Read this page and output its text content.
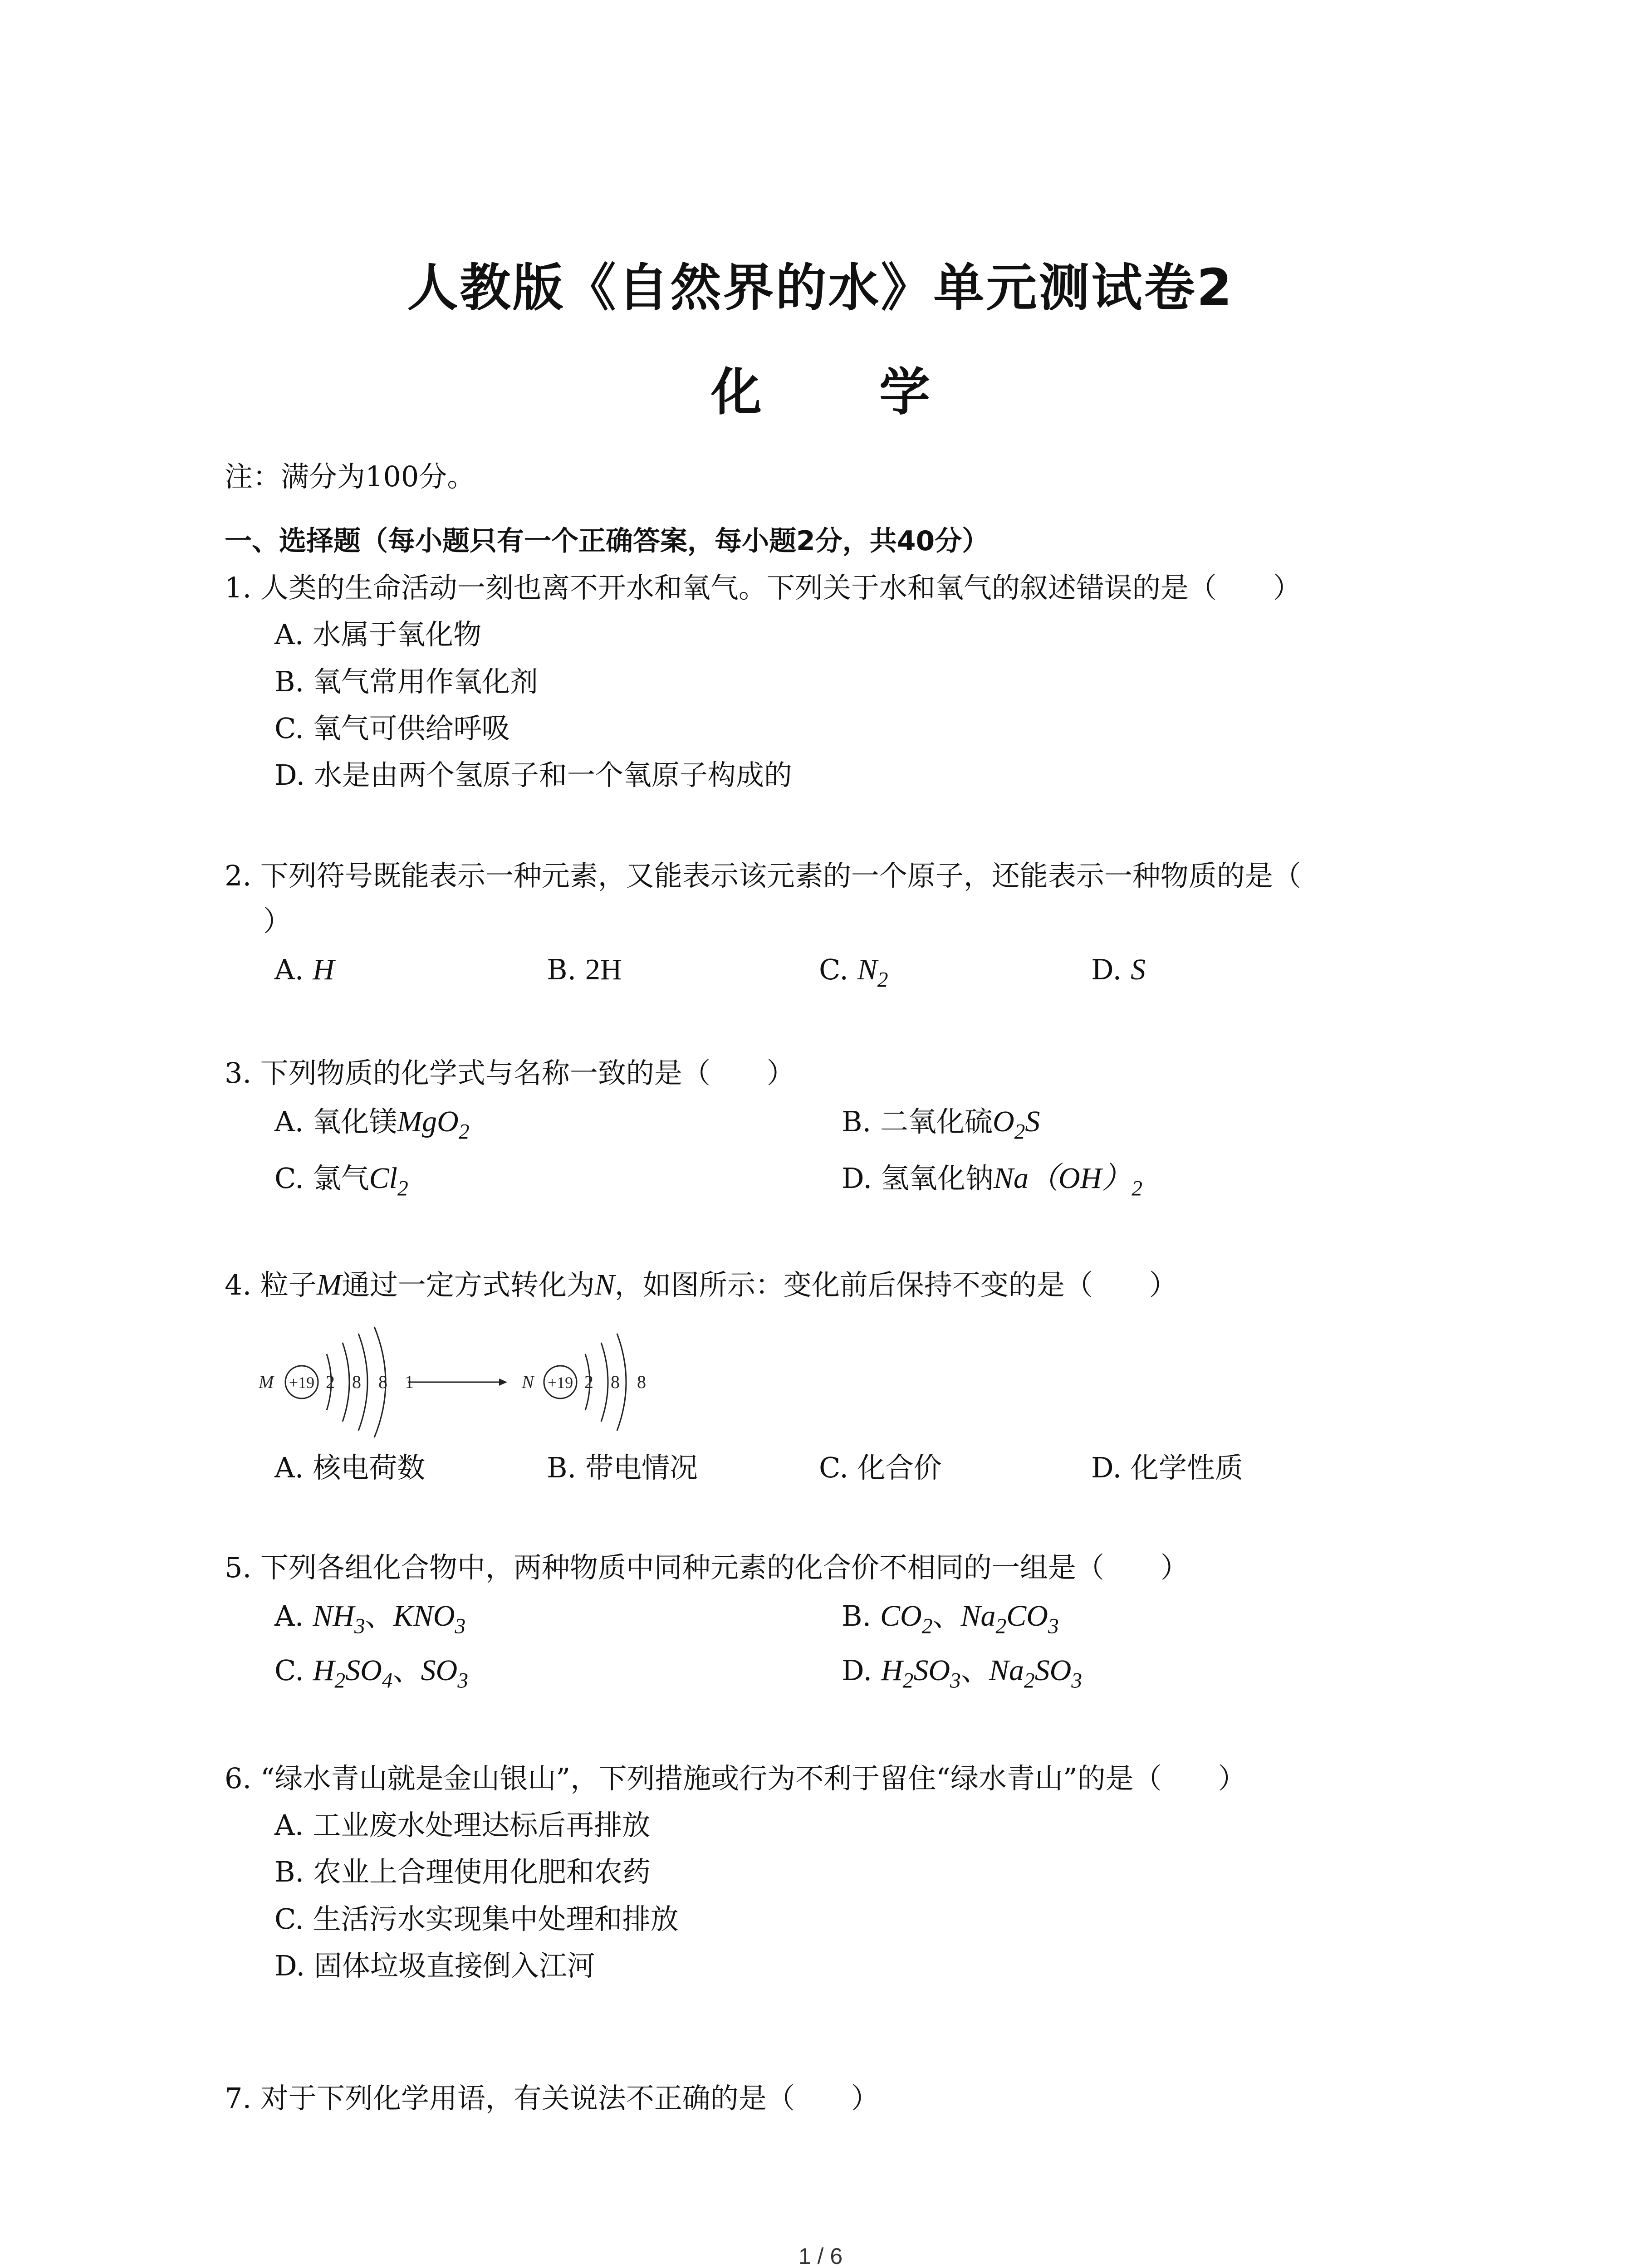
人教版《自然界的水》单元测试卷2
化 学
注：满分为100分。
一、选择题（每小题只有一个正确答案，每小题2分，共40分）
1. 人类的生命活动一刻也离不开水和氧气。下列关于水和氧气的叙述错误的是（　　）
A. 水属于氧化物
B. 氧气常用作氧化剂
C. 氧气可供给呼吸
D. 水是由两个氢原子和一个氧原子构成的
2. 下列符号既能表示一种元素，又能表示该元素的一个原子，还能表示一种物质的是（
）
A. H	B. 2H	C. $N_2$	D. S
3. 下列物质的化学式与名称一致的是（　　）
A. 氧化镁MgO$_2$	B. 二氧化硫$O_2S$
C. 氯气$Cl_2$	D. 氢氧化钠$Na(OH)_2$
4. 粒子M通过一定方式转化为N，如图所示：变化前后保持不变的是（　　）
M +19 2 8 8 1	N +19 2 8 8
A. 核电荷数	B. 带电情况	C. 化合价	D. 化学性质
5. 下列各组化合物中，两种物质中同种元素的化合价不相同的一组是（　　）
A. $NH_3$、$KNO_3$	B. $CO_2$、$Na_2CO_3$
C. $H_2SO_4$、$SO_3$	D. $H_2SO_3$、$Na_2SO_3$
6. “绿水青山就是金山银山”，下列措施或行为不利于留住“绿水青山”的是（　　）
A. 工业废水处理达标后再排放
B. 农业上合理使用化肥和农药
C. 生活污水实现集中处理和排放
D. 固体垃圾直接倒入江河
7. 对于下列化学用语，有关说法不正确的是（　　）
1 / 6
